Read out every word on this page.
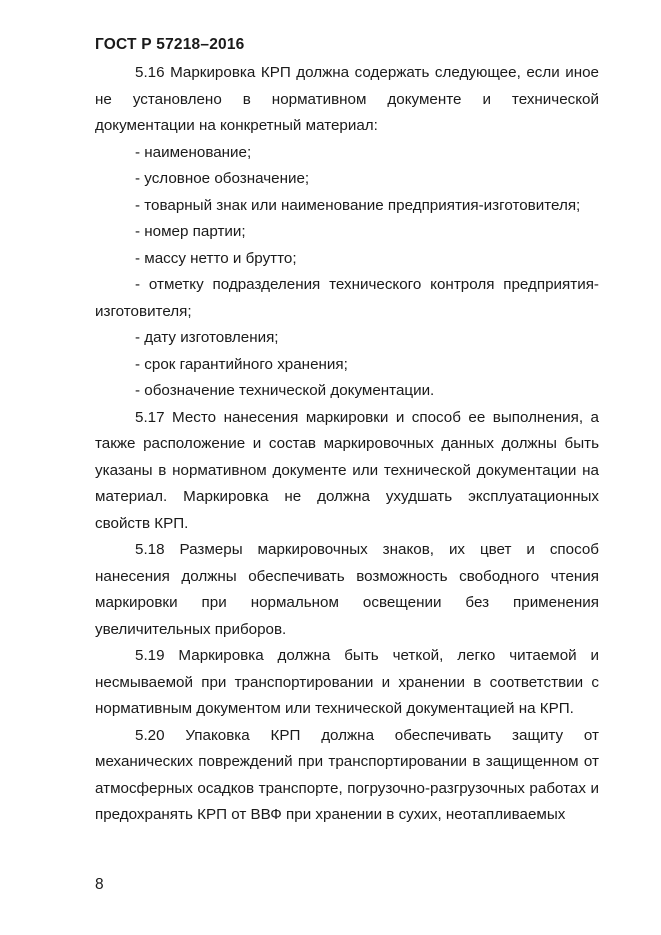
ГОСТ Р 57218–2016

5.16 Маркировка КРП должна содержать следующее, если иное не установлено в нормативном документе и технической документации на конкретный материал:

- наименование;

- условное обозначение;

- товарный знак или наименование предприятия-изготовителя;

- номер партии;

- массу нетто и брутто;

- отметку подразделения технического контроля предприятия-изготовителя;

- дату изготовления;

- срок гарантийного хранения;

- обозначение технической документации.

5.17 Место нанесения маркировки и способ ее выполнения, а также расположение и состав маркировочных данных должны быть указаны в нормативном документе или технической документации на материал. Маркировка не должна ухудшать эксплуатационных свойств КРП.

5.18 Размеры маркировочных знаков, их цвет и способ нанесения должны обеспечивать возможность свободного чтения маркировки при нормальном освещении без применения увеличительных приборов.

5.19 Маркировка должна быть четкой, легко читаемой и несмываемой при транспортировании и хранении в соответствии с нормативным документом или технической документацией на КРП.

5.20 Упаковка КРП должна обеспечивать защиту от механических повреждений при транспортировании в защищенном от атмосферных осадков транспорте, погрузочно-разгрузочных работах и предохранять КРП от ВВФ при хранении в сухих, неотапливаемых

8
